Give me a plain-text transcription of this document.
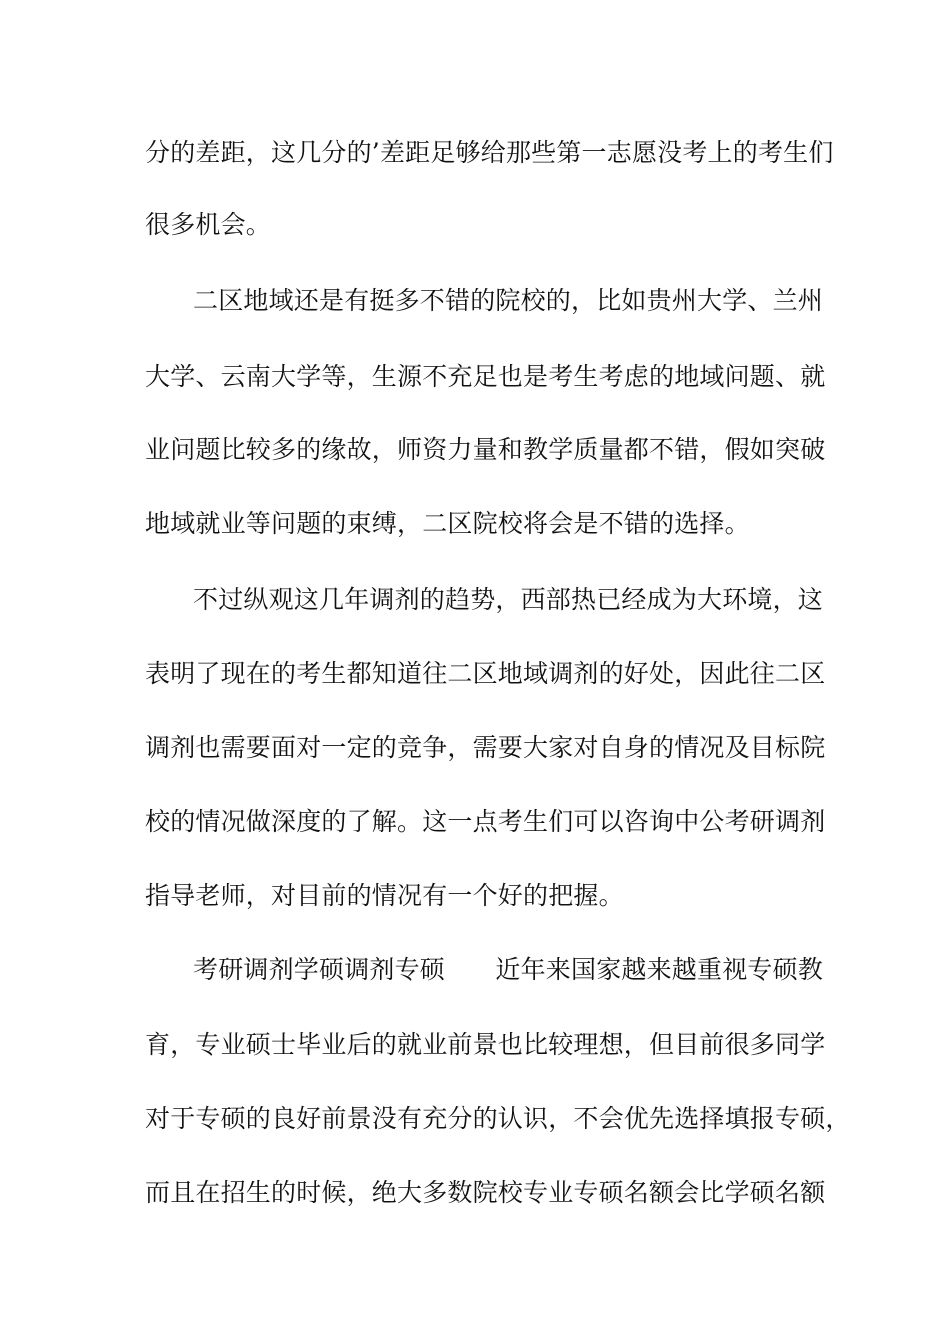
分的差距，这几分的’差距足够给那些第一志愿没考上的考生们
很多机会。
二区地域还是有挺多不错的院校的，比如贵州大学、兰州
大学、云南大学等，生源不充足也是考生考虑的地域问题、就
业问题比较多的缘故，师资力量和教学质量都不错，假如突破
地域就业等问题的束缚，二区院校将会是不错的选择。
不过纵观这几年调剂的趋势，西部热已经成为大环境，这
表明了现在的考生都知道往二区地域调剂的好处，因此往二区
调剂也需要面对一定的竞争，需要大家对自身的情况及目标院
校的情况做深度的了解。这一点考生们可以咨询中公考研调剂
指导老师，对目前的情况有一个好的把握。
考研调剂学硕调剂专硕　　近年来国家越来越重视专硕教
育，专业硕士毕业后的就业前景也比较理想，但目前很多同学
对于专硕的良好前景没有充分的认识，不会优先选择填报专硕，
而且在招生的时候，绝大多数院校专业专硕名额会比学硕名额
